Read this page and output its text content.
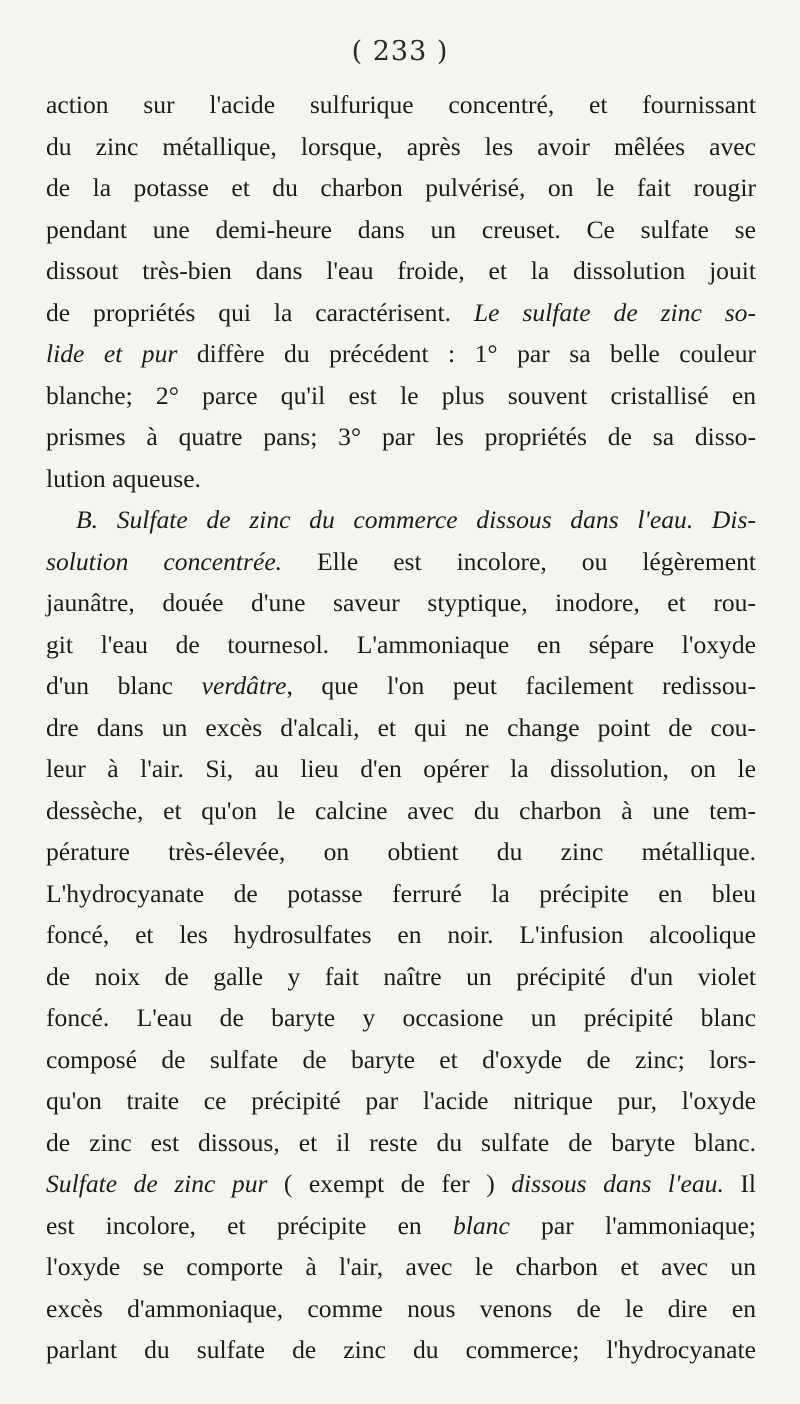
( 233 )
action sur l'acide sulfurique concentré, et fournissant
du zinc métallique, lorsque, après les avoir mêlées avec
de la potasse et du charbon pulvérisé, on le fait rougir
pendant une demi-heure dans un creuset. Ce sulfate se
dissout très-bien dans l'eau froide, et la dissolution jouit
de propriétés qui la caractérisent. Le sulfate de zinc so-
lide et pur diffère du précédent : 1° par sa belle couleur
blanche; 2° parce qu'il est le plus souvent cristallisé en
prismes à quatre pans; 3° par les propriétés de sa disso-
lution aqueuse.
B. Sulfate de zinc du commerce dissous dans l'eau. Dis-
solution concentrée. Elle est incolore, ou légèrement
jaunâtre, douée d'une saveur styptique, inodore, et rou-
git l'eau de tournesol. L'ammoniaque en sépare l'oxyde
d'un blanc verdâtre, que l'on peut facilement redissou-
dre dans un excès d'alcali, et qui ne change point de cou-
leur à l'air. Si, au lieu d'en opérer la dissolution, on le
dessèche, et qu'on le calcine avec du charbon à une tem-
pérature très-élevée, on obtient du zinc métallique.
L'hydrocyanate de potasse ferruré la précipite en bleu
foncé, et les hydrosulfates en noir. L'infusion alcoolique
de noix de galle y fait naître un précipité d'un violet
foncé. L'eau de baryte y occasione un précipité blanc
composé de sulfate de baryte et d'oxyde de zinc; lors-
qu'on traite ce précipité par l'acide nitrique pur, l'oxyde
de zinc est dissous, et il reste du sulfate de baryte blanc.
Sulfate de zinc pur ( exempt de fer ) dissous dans l'eau. Il
est incolore, et précipite en blanc par l'ammoniaque;
l'oxyde se comporte à l'air, avec le charbon et avec un
excès d'ammoniaque, comme nous venons de le dire en
parlant du sulfate de zinc du commerce; l'hydrocyanate
